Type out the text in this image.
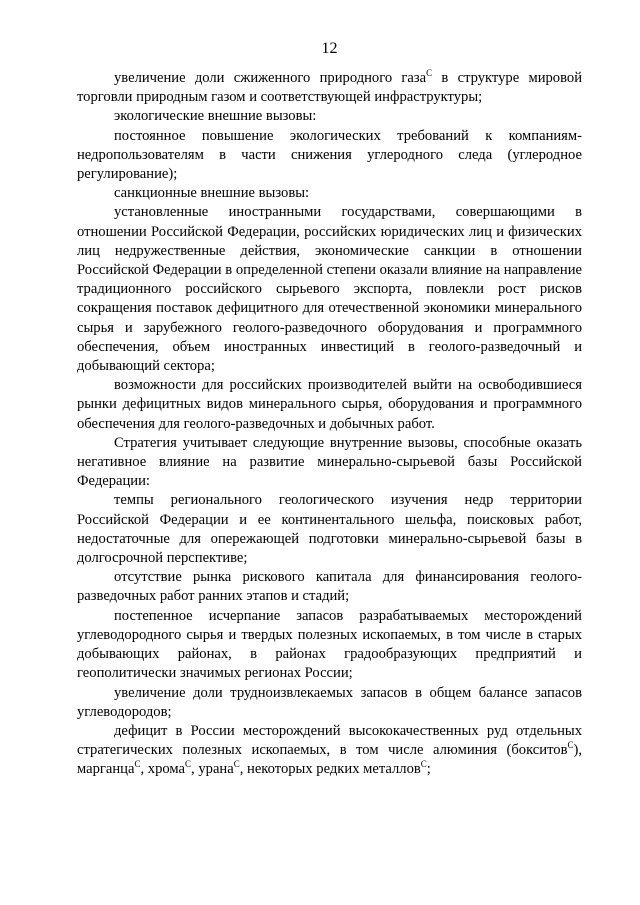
12

увеличение доли сжиженного природного газа$^C$ в структуре мировой торговли природным газом и соответствующей инфраструктуры;

экологические внешние вызовы:

постоянное повышение экологических требований к компаниям-недропользователям в части снижения углеродного следа (углеродное регулирование);

санкционные внешние вызовы:

установленные иностранными государствами, совершающими в отношении Российской Федерации, российских юридических лиц и физических лиц недружественные действия, экономические санкции в отношении Российской Федерации в определенной степени оказали влияние на направление традиционного российского сырьевого экспорта, повлекли рост рисков сокращения поставок дефицитного для отечественной экономики минерального сырья и зарубежного геолого-разведочного оборудования и программного обеспечения, объем иностранных инвестиций в геолого-разведочный и добывающий сектора;

возможности для российских производителей выйти на освободившиеся рынки дефицитных видов минерального сырья, оборудования и программного обеспечения для геолого-разведочных и добычных работ.

Стратегия учитывает следующие внутренние вызовы, способные оказать негативное влияние на развитие минерально-сырьевой базы Российской Федерации:

темпы регионального геологического изучения недр территории Российской Федерации и ее континентального шельфа, поисковых работ, недостаточные для опережающей подготовки минерально-сырьевой базы в долгосрочной перспективе;

отсутствие рынка рискового капитала для финансирования геолого-разведочных работ ранних этапов и стадий;

постепенное исчерпание запасов разрабатываемых месторождений углеводородного сырья и твердых полезных ископаемых, в том числе в старых добывающих районах, в районах градообразующих предприятий и геополитически значимых регионах России;

увеличение доли трудноизвлекаемых запасов в общем балансе запасов углеводородов;

дефицит в России месторождений высококачественных руд отдельных стратегических полезных ископаемых, в том числе алюминия (бокситов$^C$), марганца$^C$, хрома$^C$, урана$^C$, некоторых редких металлов$^C$;
